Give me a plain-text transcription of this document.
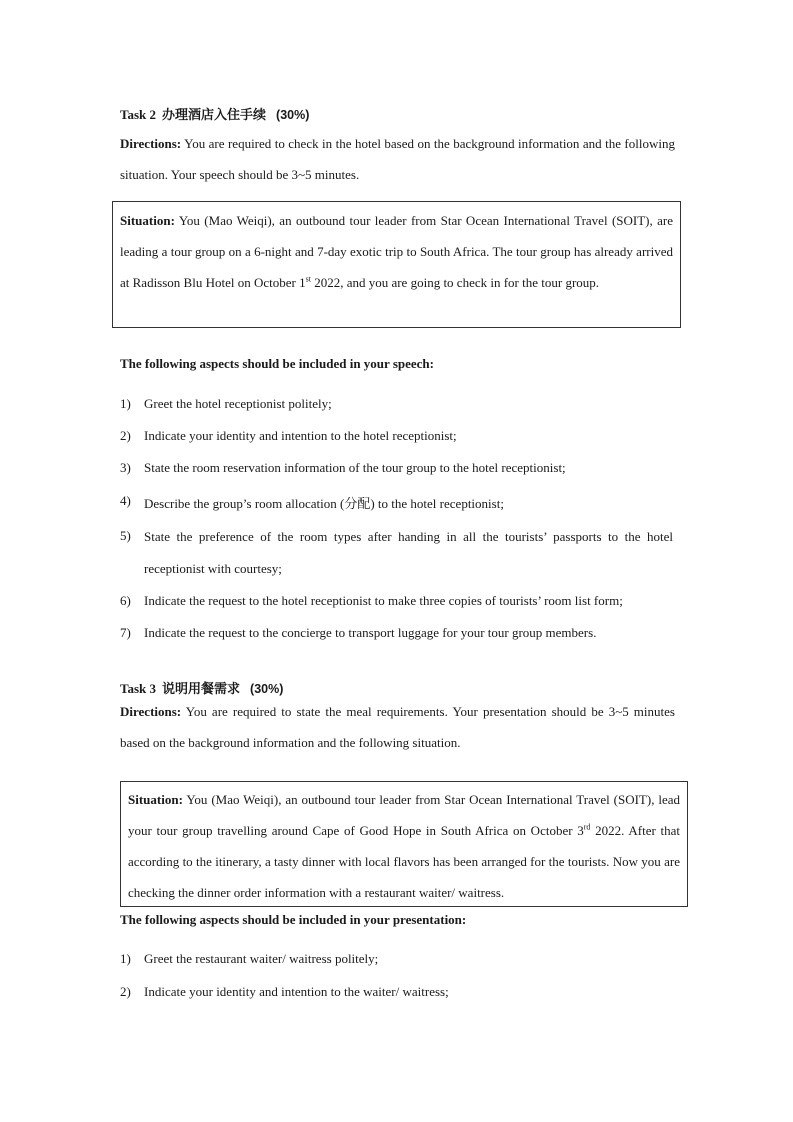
Task 2 办理酒店入住手续 (30%)
Directions: You are required to check in the hotel based on the background information and the following situation. Your speech should be 3~5 minutes.
Situation: You (Mao Weiqi), an outbound tour leader from Star Ocean International Travel (SOIT), are leading a tour group on a 6-night and 7-day exotic trip to South Africa. The tour group has already arrived at Radisson Blu Hotel on October 1st 2022, and you are going to check in for the tour group.
The following aspects should be included in your speech:
1) Greet the hotel receptionist politely;
2) Indicate your identity and intention to the hotel receptionist;
3) State the room reservation information of the tour group to the hotel receptionist;
4) Describe the group’s room allocation (分配) to the hotel receptionist;
5) State the preference of the room types after handing in all the tourists’ passports to the hotel receptionist with courtesy;
6) Indicate the request to the hotel receptionist to make three copies of tourists’ room list form;
7) Indicate the request to the concierge to transport luggage for your tour group members.
Task 3 说明用餐需求 (30%)
Directions: You are required to state the meal requirements. Your presentation should be 3~5 minutes based on the background information and the following situation.
Situation: You (Mao Weiqi), an outbound tour leader from Star Ocean International Travel (SOIT), lead your tour group travelling around Cape of Good Hope in South Africa on October 3rd 2022. After that according to the itinerary, a tasty dinner with local flavors has been arranged for the tourists. Now you are checking the dinner order information with a restaurant waiter/ waitress.
The following aspects should be included in your presentation:
1) Greet the restaurant waiter/ waitress politely;
2) Indicate your identity and intention to the waiter/ waitress;
